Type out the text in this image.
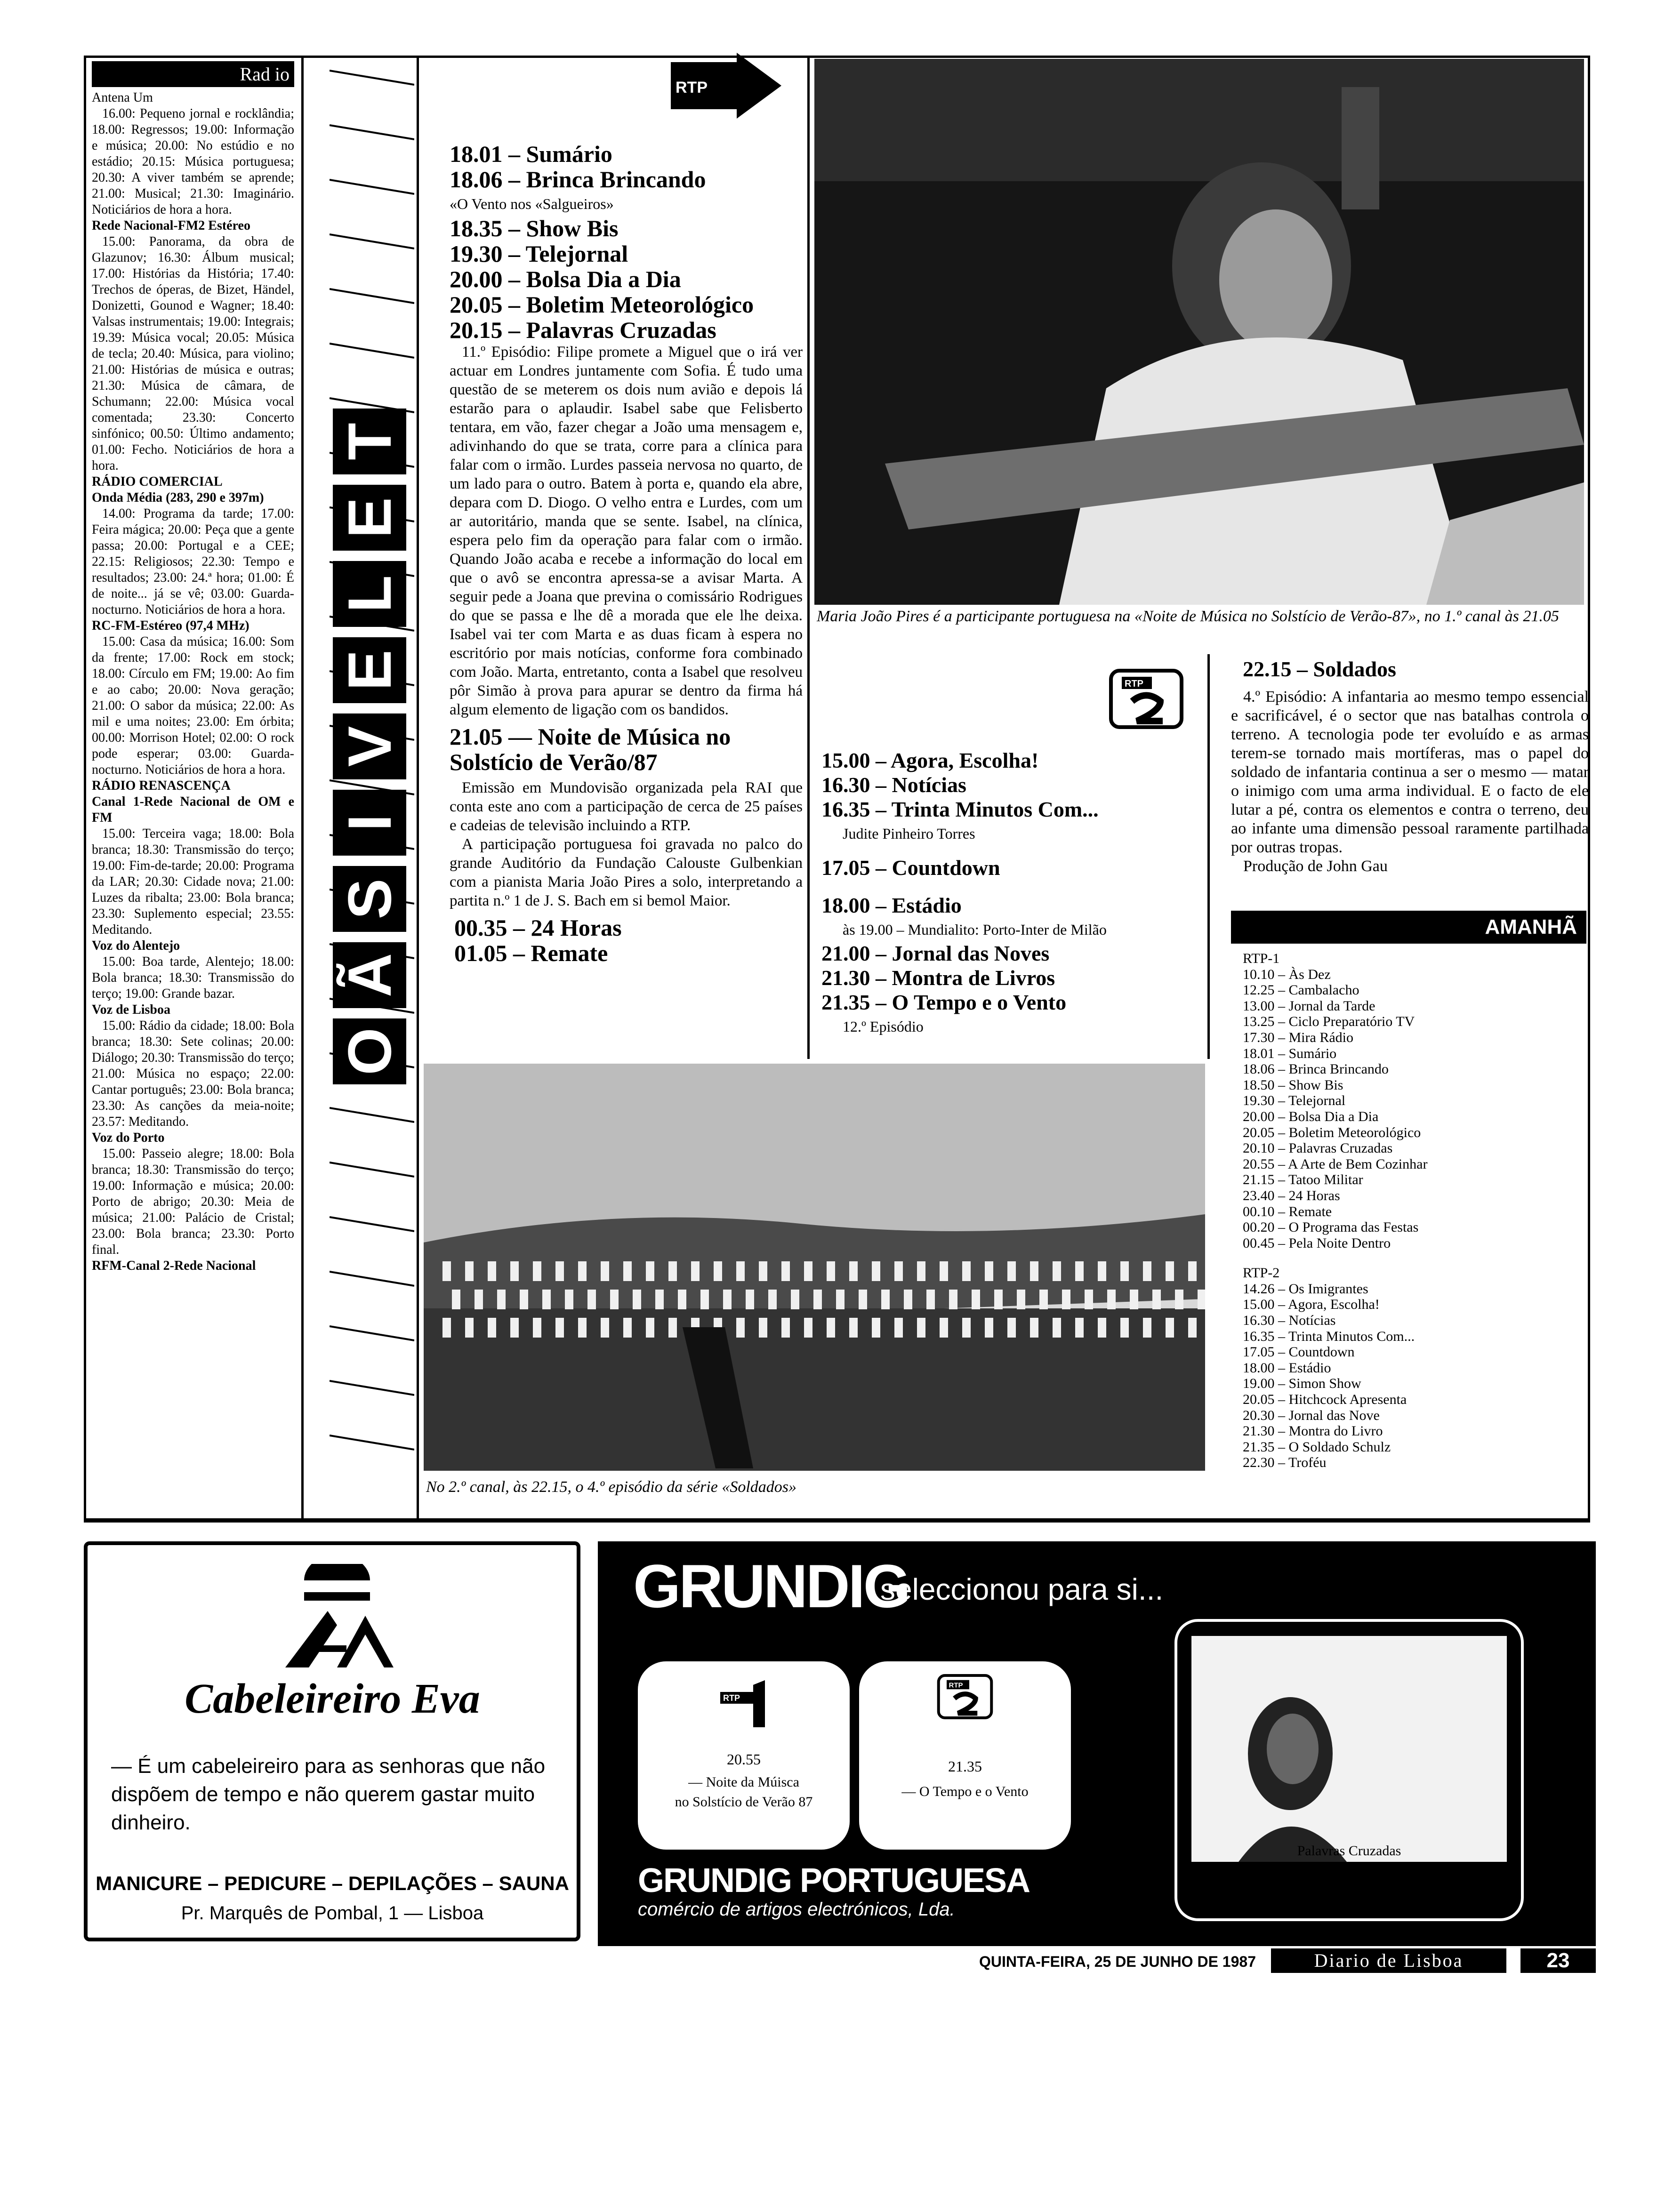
Rad io

Antena Um

16.00: Pequeno jornal e rocklândia; 18.00: Regressos; 19.00: Informação e música; 20.00: No estúdio e no estádio; 20.15: Música portuguesa; 20.30: A viver também se aprende; 21.00: Musical; 21.30: Imaginário. Noticiários de hora a hora.

Rede Nacional-FM2 Estéreo

15.00: Panorama, da obra de Glazunov; 16.30: Álbum musical; 17.00: Histórias da História; 17.40: Trechos de óperas, de Bizet, Händel, Donizetti, Gounod e Wagner; 18.40: Valsas instrumentais; 19.00: Integrais; 19.39: Música vocal; 20.05: Música de tecla; 20.40: Música, para violino; 21.00: Histórias de música e outras; 21.30: Música de câmara, de Schumann; 22.00: Música vocal comentada; 23.30: Concerto sinfónico; 00.50: Último andamento; 01.00: Fecho. Noticiários de hora a hora.

RÁDIO COMERCIAL

Onda Média (283, 290 e 397m)

14.00: Programa da tarde; 17.00: Feira mágica; 20.00: Peça que a gente passa; 20.00: Portugal e a CEE; 22.15: Religiosos; 22.30: Tempo e resultados; 23.00: 24.ª hora; 01.00: É de noite... já se vê; 03.00: Guarda-nocturno. Noticiários de hora a hora.

RC-FM-Estéreo (97,4 MHz)

15.00: Casa da música; 16.00: Som da frente; 17.00: Rock em stock; 18.00: Círculo em FM; 19.00: Ao fim e ao cabo; 20.00: Nova geração; 21.00: O sabor da música; 22.00: As mil e uma noites; 23.00: Em órbita; 00.00: Morrison Hotel; 02.00: O rock pode esperar; 03.00: Guarda-nocturno. Noticiários de hora a hora.

RÁDIO RENASCENÇA

Canal 1-Rede Nacional de OM e FM

15.00: Terceira vaga; 18.00: Bola branca; 18.30: Transmissão do terço; 19.00: Fim-de-tarde; 20.00: Programa da LAR; 20.30: Cidade nova; 21.00: Luzes da ribalta; 23.00: Bola branca; 23.30: Suplemento especial; 23.55: Meditando.

Voz do Alentejo

15.00: Boa tarde, Alentejo; 18.00: Bola branca; 18.30: Transmissão do terço; 19.00: Grande bazar.

Voz de Lisboa

15.00: Rádio da cidade; 18.00: Bola branca; 18.30: Sete colinas; 20.00: Diálogo; 20.30: Transmissão do terço; 21.00: Música no espaço; 22.00: Cantar português; 23.00: Bola branca; 23.30: As canções da meia-noite; 23.57: Meditando.

Voz do Porto

15.00: Passeio alegre; 18.00: Bola branca; 18.30: Transmissão do terço; 19.00: Informação e música; 20.00: Porto de abrigo; 20.30: Meia de música; 21.00: Palácio de Cristal; 23.00: Bola branca; 23.30: Porto final.

RFM-Canal 2-Rede Nacional

T
E
L
E
V
I
S
Ã
O
RTP

18.01 – Sumário

18.06 – Brinca Brincando

«O Vento nos «Salgueiros»

18.35 – Show Bis

19.30 – Telejornal

20.00 – Bolsa Dia a Dia

20.05 – Boletim Meteorológico

20.15 – Palavras Cruzadas

11.º Episódio: Filipe promete a Miguel que o irá ver actuar em Londres juntamente com Sofia. É tudo uma questão de se meterem os dois num avião e depois lá estarão para o aplaudir. Isabel sabe que Felisberto tentara, em vão, fazer chegar a João uma mensagem e, adivinhando do que se trata, corre para a clínica para falar com o irmão. Lurdes passeia nervosa no quarto, de um lado para o outro. Batem à porta e, quando ela abre, depara com D. Diogo. O velho entra e Lurdes, com um ar autoritário, manda que se sente. Isabel, na clínica, espera pelo fim da operação para falar com o irmão. Quando João acaba e recebe a informação do local em que o avô se encontra apressa-se a avisar Marta. A seguir pede a Joana que previna o comissário Rodrigues do que se passa e lhe dê a morada que ele lhe deixa. Isabel vai ter com Marta e as duas ficam à espera no escritório por mais notícias, conforme fora combinado com João. Marta, entretanto, conta a Isabel que resolveu pôr Simão à prova para apurar se dentro da firma há algum elemento de ligação com os bandidos.

21.05 — Noite de Música no Solstício de Verão/87

Emissão em Mundovisão organizada pela RAI que conta este ano com a participação de cerca de 25 países e cadeias de televisão incluindo a RTP.

A participação portuguesa foi gravada no palco do grande Auditório da Fundação Calouste Gulbenkian com a pianista Maria João Pires a solo, interpretando a partita n.º 1 de J. S. Bach em si bemol Maior.

00.35 – 24 Horas

01.05 – Remate

Maria João Pires é a participante portuguesa na «Noite de Música no Solstício de Verão-87», no 1.º canal às 21.05
RTP

15.00 – Agora, Escolha!

16.30 – Notícias

16.35 – Trinta Minutos Com...

Judite Pinheiro Torres

17.05 – Countdown

18.00 – Estádio

às 19.00 – Mundialito: Porto-Inter de Milão

21.00 – Jornal das Noves

21.30 – Montra de Livros

21.35 – O Tempo e o Vento

12.º Episódio

22.15 – Soldados

4.º Episódio: A infantaria ao mesmo tempo essencial e sacrificável, é o sector que nas batalhas controla o terreno. A tecnologia pode ter evoluído e as armas terem-se tornado mais mortíferas, mas o papel do soldado de infantaria continua a ser o mesmo — matar o inimigo com uma arma individual. E o facto de ele lutar a pé, contra os elementos e contra o terreno, deu ao infante uma dimensão pessoal raramente partilhada por outras tropas.

Produção de John Gau

AMANHÃ

RTP-1

10.10 – Às Dez

12.25 – Cambalacho

13.00 – Jornal da Tarde

13.25 – Ciclo Preparatório TV

17.30 – Mira Rádio

18.01 – Sumário

18.06 – Brinca Brincando

18.50 – Show Bis

19.30 – Telejornal

20.00 – Bolsa Dia a Dia

20.05 – Boletim Meteorológico

20.10 – Palavras Cruzadas

20.55 – A Arte de Bem Cozinhar

21.15 – Tatoo Militar

23.40 – 24 Horas

00.10 – Remate

00.20 – O Programa das Festas

00.45 – Pela Noite Dentro

RTP-2

14.26 – Os Imigrantes

15.00 – Agora, Escolha!

16.30 – Notícias

16.35 – Trinta Minutos Com...

17.05 – Countdown

18.00 – Estádio

19.00 – Simon Show

20.05 – Hitchcock Apresenta

20.30 – Jornal das Nove

21.30 – Montra do Livro

21.35 – O Soldado Schulz

22.30 – Troféu

No 2.º canal, às 22.15, o 4.º episódio da série «Soldados»
Cabeleireiro Eva
— É um cabeleireiro para as senhoras que não dispõem de tempo e não querem gastar muito dinheiro.
MANICURE – PEDICURE – DEPILAÇÕES – SAUNA
Pr. Marquês de Pombal, 1 — Lisboa
GRUNDIG
seleccionou para si...
RTP
20.55
— Noite da Múisca
no Solstício de Verão 87
RTP
21.35
— O Tempo e o Vento
GRUNDIG PORTUGUESA
comércio de artigos electrónicos, Lda.
Palavras Cruzadas
QUINTA-FEIRA, 25 DE JUNHO DE 1987	Diario de Lisboa	23
